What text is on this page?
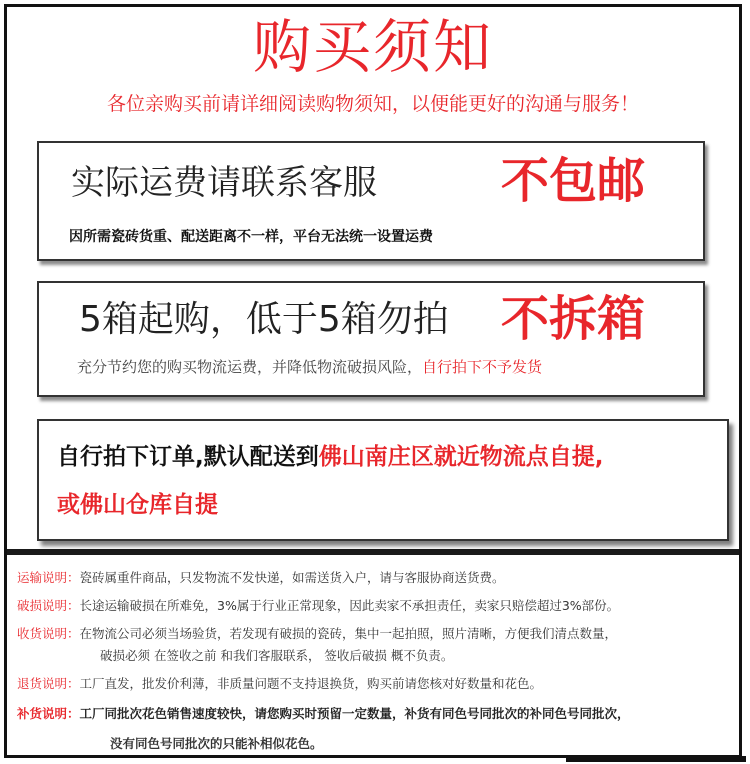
购买须知
各位亲购买前请详细阅读购物须知，以便能更好的沟通与服务！
实际运费请联系客服	不包邮
因所需瓷砖货重、配送距离不一样，平台无法统一设置运费
5箱起购，低于5箱勿拍 不拆箱
充分节约您的购买物流运费，并降低物流破损风险，自行拍下不予发货
自行拍下订单,默认配送到佛山南庄区就近物流点自提,
或佛山仓库自提
运输说明：瓷砖属重件商品，只发物流不发快递，如需送货入户，请与客服协商送货费。
破损说明：长途运输破损在所难免，3%属于行业正常现象，因此卖家不承担责任，卖家只赔偿超过3%部份。
收货说明：在物流公司必须当场验货，若发现有破损的瓷砖，集中一起拍照，照片清晰，方便我们清点数量，
破损必须 在签收之前 和我们客服联系， 签收后破损 概不负责。
退货说明：工厂直发，批发价利薄，非质量问题不支持退换货，购买前请您核对好数量和花色。
补货说明：工厂同批次花色销售速度较快，请您购买时预留一定数量，补货有同色号同批次的补同色号同批次，
没有同色号同批次的只能补相似花色。
